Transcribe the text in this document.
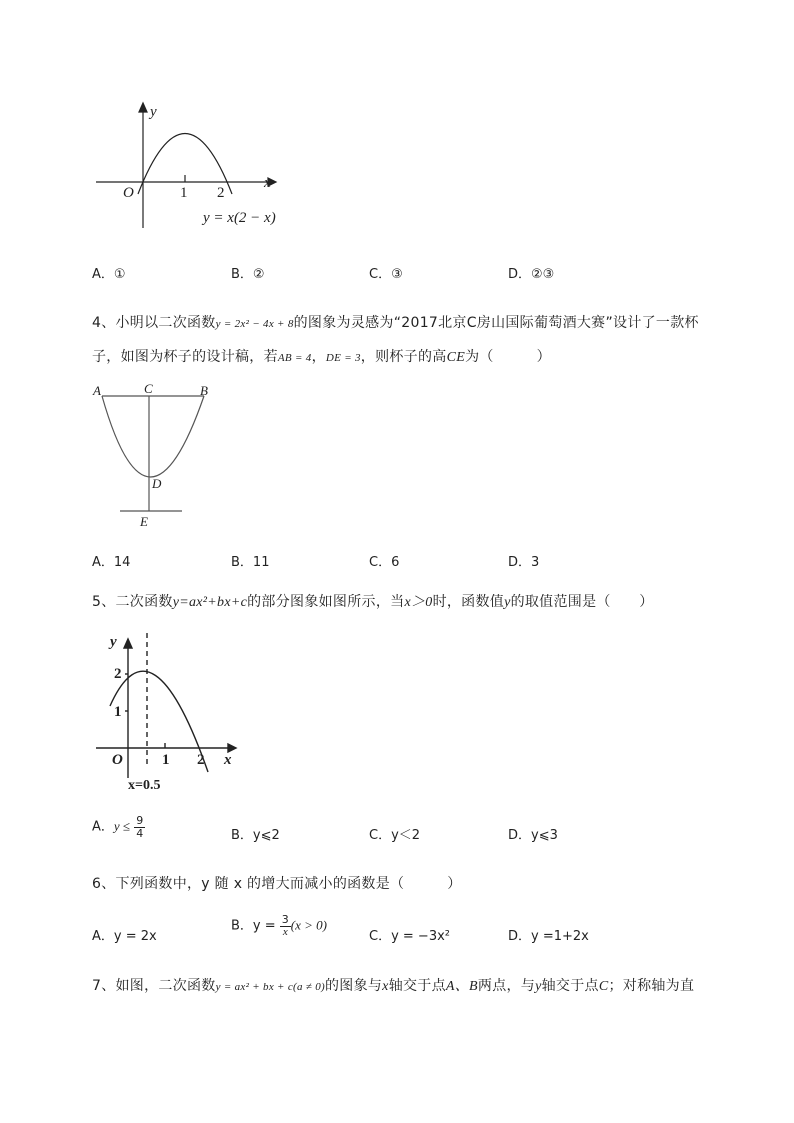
y
x
O	1 2
y = x(2 − x)
A．①	B．②	C．③	D．②③
4、小明以二次函数y = 2x² − 4x + 8的图象为灵感为“2017北京C房山国际葡萄酒大赛”设计了一款杯
子，如图为杯子的设计稿，若AB = 4，DE = 3，则杯子的高CE为（　　　）
A	C	B
D
E
A．14	B．11	C．6	D．3
5、二次函数y=ax²+bx+c的部分图象如图所示，当x＞0时，函数值y的取值范围是（　　）
y
x
O
2
1
1 2
x=0.5
A．$y \le \frac{9}{4}$	B．y⩽2	C．y＜2	D．y⩽3
6、下列函数中，y 随 x 的增大而减小的函数是（　　　）
A．y = 2x
B．$y = \frac{3}{x} (x > 0)$
C．y = −3x²	D．y =1+2x
7、如图，二次函数y = ax² + bx + c(a ≠ 0)的图象与x轴交于点A、B两点，与y轴交于点C；对称轴为直
